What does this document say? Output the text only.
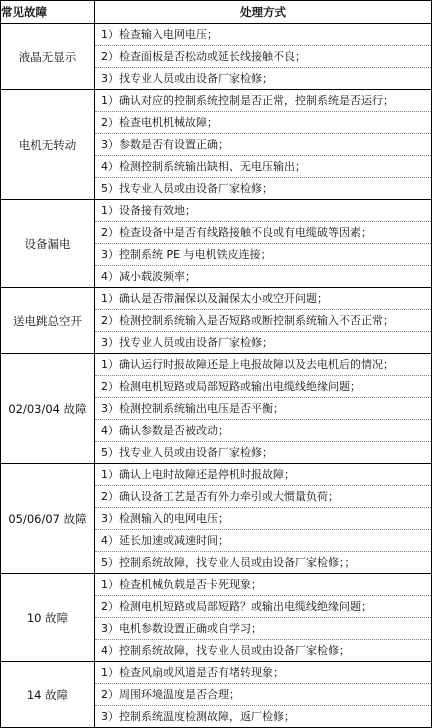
常见故障	处理方式
液晶无显示	1）检查输入电网电压；
2）检查面板是否松动或延长线接触不良；
3）找专业人员或由设备厂家检修；

电机无转动	1）确认对应的控制系统控制是否正常，控制系统是否运行；
2）检查电机机械故障；
3）参数是否有设置正确；
4）检测控制系统输出缺相、无电压输出；
5）找专业人员或由设备厂家检修；

设备漏电	1）设备接有效地；
2）检查设备中是否有线路接触不良或有电缆破等因素；
3）控制系统 PE 与电机铁皮连接；
4）减小载波频率；

送电跳总空开	1）确认是否带漏保以及漏保太小或空开问题；
2）检测控制系统输入是否短路或断控制系统输入不否正常；
3）找专业人员或由设备厂家检修；

02/03/04 故障	1）确认运行时报故障还是上电报故障以及去电机后的情况；
2）检测电机短路或局部短路或输出电缆线绝缘问题；
3）检测控制系统输出电压是否平衡；
4）确认参数是否被改动；
5）找专业人员或由设备厂家检修；

05/06/07 故障	1）确认上电时故障还是停机时报故障；
2）确认设备工艺是否有外力牵引或大惯量负荷；
3）检测输入的电网电压；
4）延长加速或减速时间；
5）控制系统故障，找专业人员或由设备厂家检修；；

10 故障	1）检查机械负载是否卡死现象；
2）检测电机短路或局部短路？或输出电缆线绝缘问题；
3）电机参数设置正确或自学习；
4）控制系统故障，找专业人员或由设备厂家检修；

14 故障	1）检查风扇或风道是否有堵转现象；
2）周围环境温度是否合理；
3）控制系统温度检测故障，返厂检修；
